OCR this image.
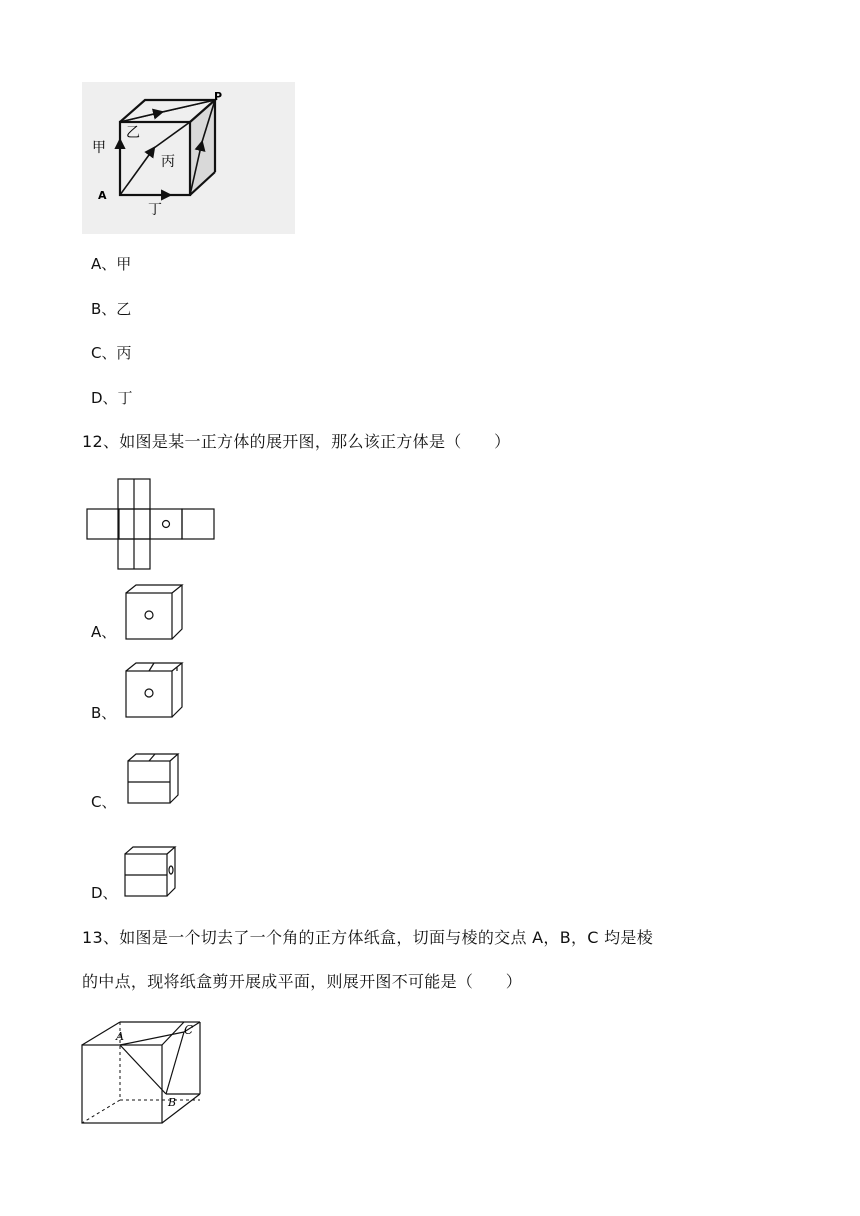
P
A
甲
乙
丙
丁
A、甲
B、乙
C、丙
D、丁
12、如图是某一正方体的展开图，那么该正方体是（　　）
A、
B、
C、
D、
13、如图是一个切去了一个角的正方体纸盒，切面与棱的交点 A，B，C 均是棱
的中点，现将纸盒剪开展成平面，则展开图不可能是（　　）
A
B
C
